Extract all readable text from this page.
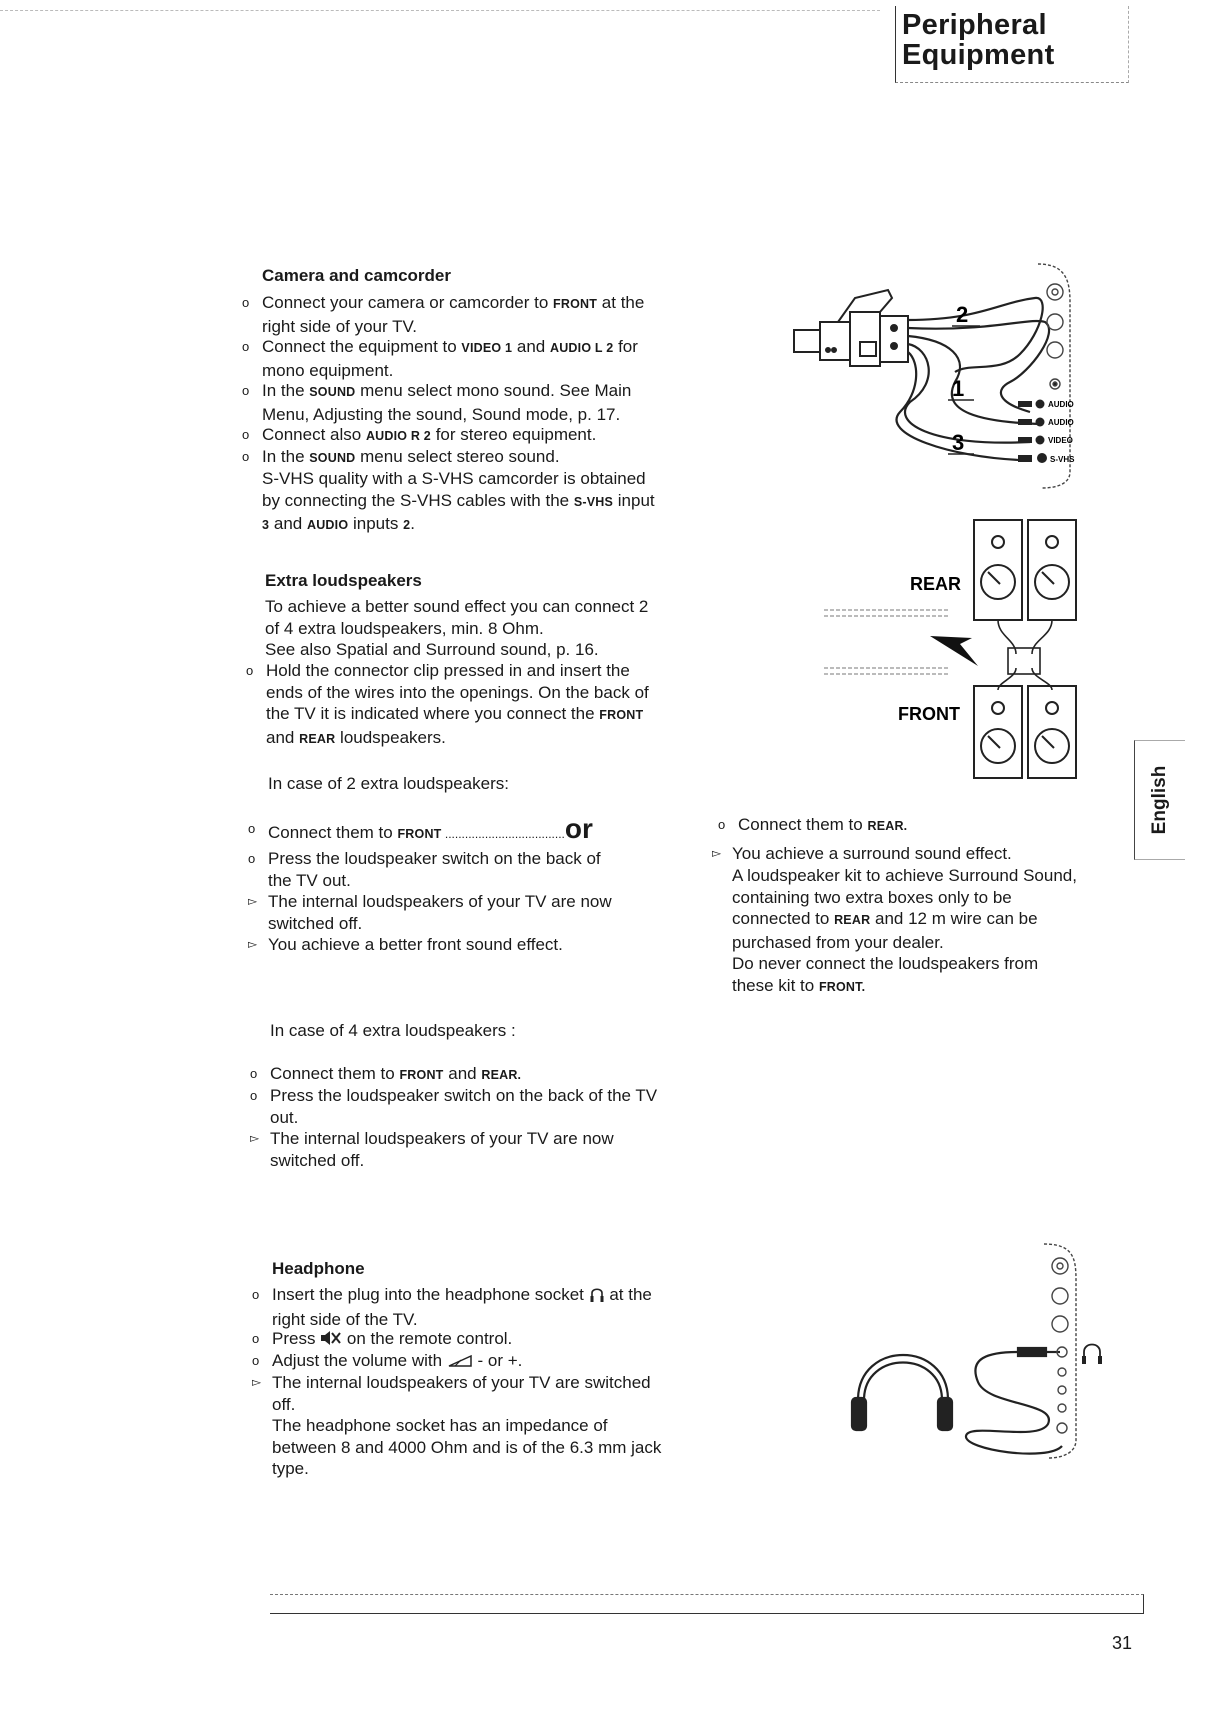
Peripheral
Equipment
Camera and camcorder
o Connect your camera or camcorder to FRONT at the
right side of your TV.
o Connect the equipment to VIDEO 1 and AUDIO L 2 for
mono equipment.
o In the SOUND menu select mono sound. See Main
Menu, Adjusting the sound, Sound mode, p. 17.
o Connect also AUDIO R 2 for stereo equipment.
o In the SOUND menu select stereo sound.
S-VHS quality with a S-VHS camcorder is obtained
by connecting the S-VHS cables with the S-VHS input
3 and AUDIO inputs 2.
2
1
3
AUDIO
AUDIO
VIDEO
S-VHS
Extra loudspeakers
To achieve a better sound effect you can connect 2
of 4 extra loudspeakers, min. 8 Ohm.
See also Spatial and Surround sound, p. 16.
o Hold the connector clip pressed in and insert the
ends of the wires into the openings. On the back of
the TV it is indicated where you connect the FRONT
and REAR loudspeakers.
In case of 2 extra loudspeakers:
o Connect them to FRONT ....................................or
o Press the loudspeaker switch on the back of
the TV out.
▻ The internal loudspeakers of your TV are now
switched off.
▻ You achieve a better front sound effect.
o Connect them to REAR.
▻ You achieve a surround sound effect.
A loudspeaker kit to achieve Surround Sound,
containing two extra boxes only to be
connected to REAR and 12 m wire can be
purchased from your dealer.
Do never connect the loudspeakers from
these kit to FRONT.
REAR
FRONT
In case of 4 extra loudspeakers :
o Connect them to FRONT and REAR.
o Press the loudspeaker switch on the back of the TV
out.
▻ The internal loudspeakers of your TV are now
switched off.
Headphone
o Insert the plug into the headphone socket  at the
right side of the TV.
o Press  on the remote control.
o Adjust the volume with  - or +.
▻ The internal loudspeakers of your TV are switched
off.
The headphone socket has an impedance of
between 8 and 4000 Ohm and is of the 6.3 mm jack
type.
English
31
